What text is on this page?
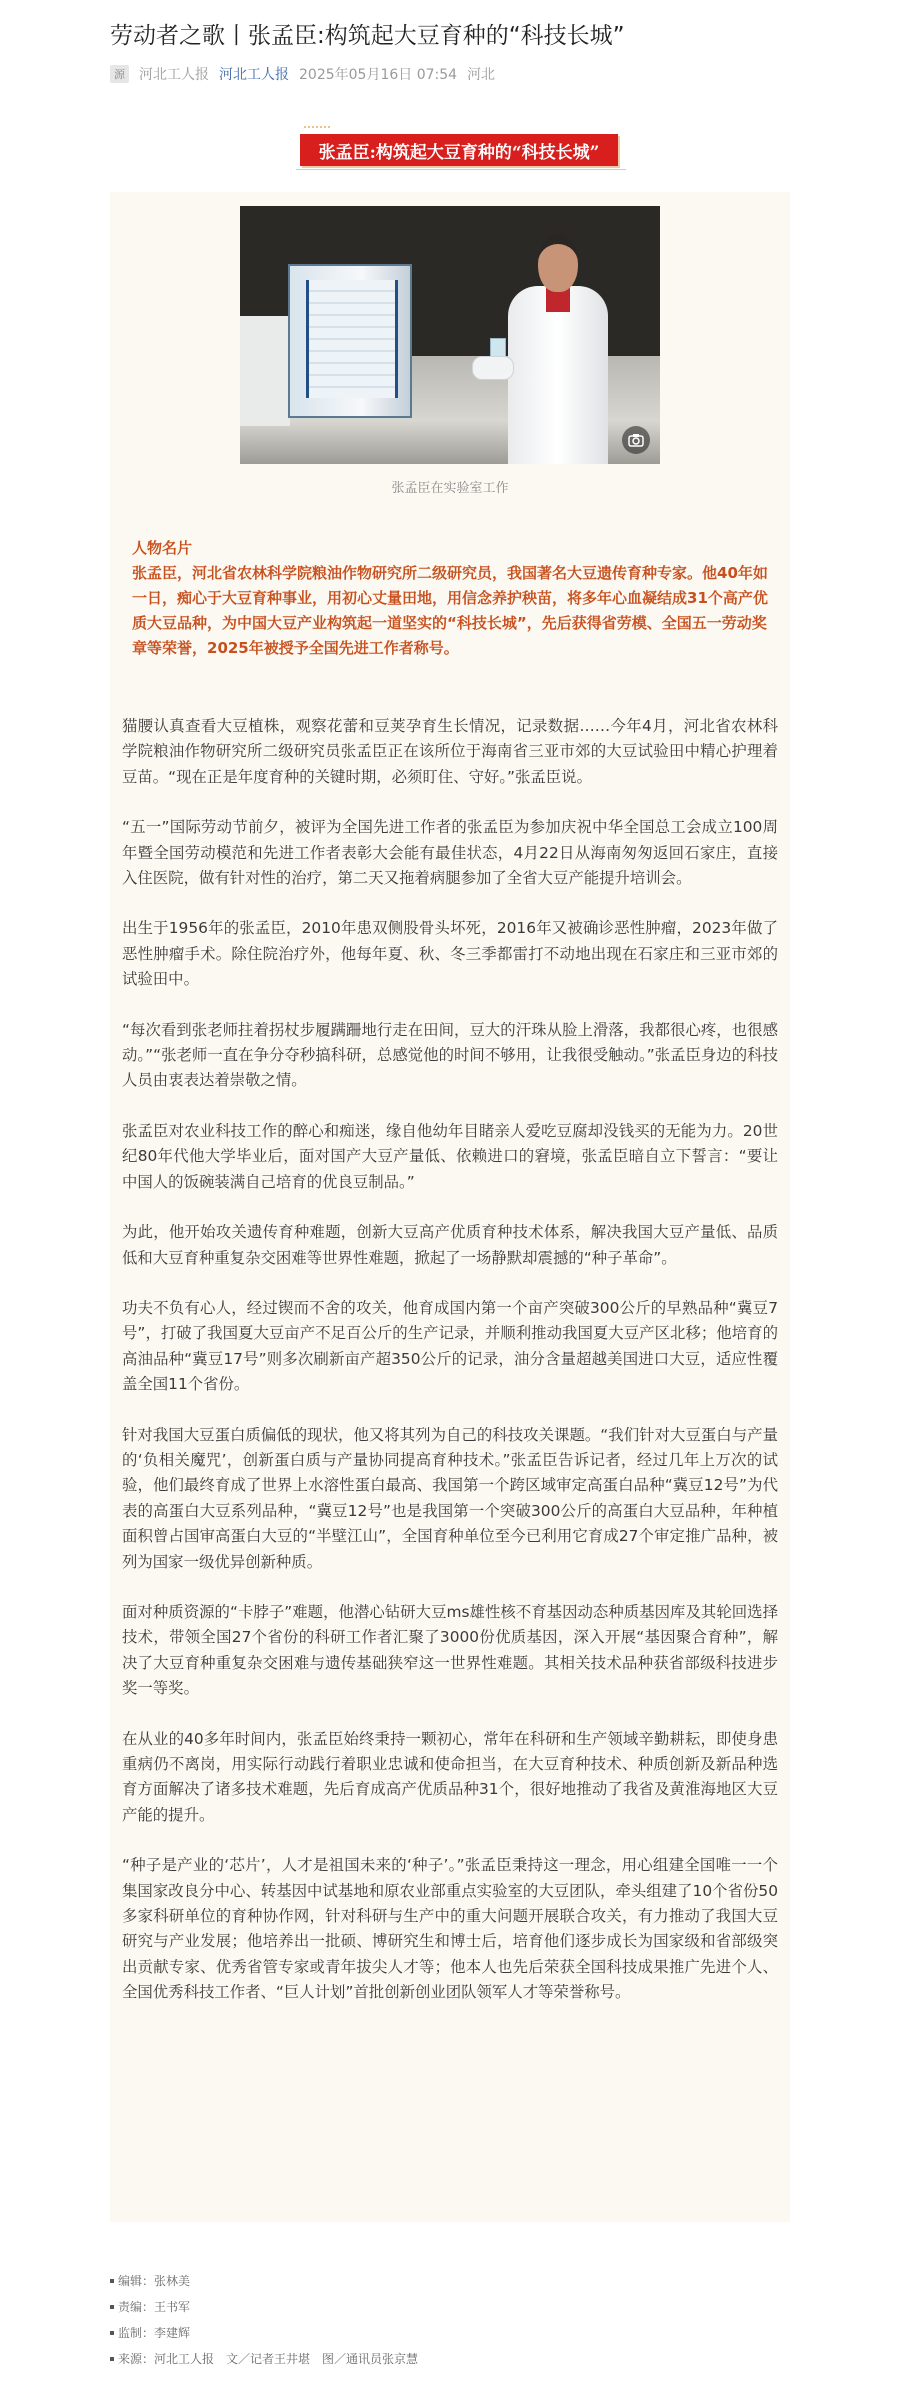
劳动者之歌丨张孟臣:构筑起大豆育种的“科技长城”
源 河北工人报 河北工人报 2025年05月16日 07:54 河北
张孟臣:构筑起大豆育种的“科技长城”
张孟臣在实验室工作
人物名片
张孟臣，河北省农林科学院粮油作物研究所二级研究员，我国著名大豆遗传育种专家。他40年如一日，痴心于大豆育种事业，用初心丈量田地，用信念养护秧苗，将多年心血凝结成31个高产优质大豆品种，为中国大豆产业构筑起一道坚实的“科技长城”，先后获得省劳模、全国五一劳动奖章等荣誉，2025年被授予全国先进工作者称号。

猫腰认真查看大豆植株，观察花蕾和豆荚孕育生长情况，记录数据……今年4月，河北省农林科学院粮油作物研究所二级研究员张孟臣正在该所位于海南省三亚市郊的大豆试验田中精心护理着豆苗。“现在正是年度育种的关键时期，必须盯住、守好。”张孟臣说。

“五一”国际劳动节前夕，被评为全国先进工作者的张孟臣为参加庆祝中华全国总工会成立100周年暨全国劳动模范和先进工作者表彰大会能有最佳状态，4月22日从海南匆匆返回石家庄，直接入住医院，做有针对性的治疗，第二天又拖着病腿参加了全省大豆产能提升培训会。

出生于1956年的张孟臣，2010年患双侧股骨头坏死，2016年又被确诊恶性肿瘤，2023年做了恶性肿瘤手术。除住院治疗外，他每年夏、秋、冬三季都雷打不动地出现在石家庄和三亚市郊的试验田中。

“每次看到张老师拄着拐杖步履蹒跚地行走在田间，豆大的汗珠从脸上滑落，我都很心疼，也很感动。”“张老师一直在争分夺秒搞科研，总感觉他的时间不够用，让我很受触动。”张孟臣身边的科技人员由衷表达着崇敬之情。

张孟臣对农业科技工作的醉心和痴迷，缘自他幼年目睹亲人爱吃豆腐却没钱买的无能为力。20世纪80年代他大学毕业后，面对国产大豆产量低、依赖进口的窘境，张孟臣暗自立下誓言：“要让中国人的饭碗装满自己培育的优良豆制品。”

为此，他开始攻关遗传育种难题，创新大豆高产优质育种技术体系，解决我国大豆产量低、品质低和大豆育种重复杂交困难等世界性难题，掀起了一场静默却震撼的“种子革命”。

功夫不负有心人，经过锲而不舍的攻关，他育成国内第一个亩产突破300公斤的早熟品种“冀豆7号”，打破了我国夏大豆亩产不足百公斤的生产记录，并顺利推动我国夏大豆产区北移；他培育的高油品种“冀豆17号”则多次刷新亩产超350公斤的记录，油分含量超越美国进口大豆，适应性覆盖全国11个省份。

针对我国大豆蛋白质偏低的现状，他又将其列为自己的科技攻关课题。“我们针对大豆蛋白与产量的‘负相关魔咒’，创新蛋白质与产量协同提高育种技术。”张孟臣告诉记者，经过几年上万次的试验，他们最终育成了世界上水溶性蛋白最高、我国第一个跨区域审定高蛋白品种“冀豆12号”为代表的高蛋白大豆系列品种，“冀豆12号”也是我国第一个突破300公斤的高蛋白大豆品种，年种植面积曾占国审高蛋白大豆的“半壁江山”，全国育种单位至今已利用它育成27个审定推广品种，被列为国家一级优异创新种质。

面对种质资源的“卡脖子”难题，他潜心钻研大豆ms雄性核不育基因动态种质基因库及其轮回选择技术，带领全国27个省份的科研工作者汇聚了3000份优质基因，深入开展“基因聚合育种”，解决了大豆育种重复杂交困难与遗传基础狭窄这一世界性难题。其相关技术品种获省部级科技进步奖一等奖。

在从业的40多年时间内，张孟臣始终秉持一颗初心，常年在科研和生产领域辛勤耕耘，即使身患重病仍不离岗，用实际行动践行着职业忠诚和使命担当，在大豆育种技术、种质创新及新品种选育方面解决了诸多技术难题，先后育成高产优质品种31个，很好地推动了我省及黄淮海地区大豆产能的提升。

“种子是产业的‘芯片’，人才是祖国未来的‘种子’。”张孟臣秉持这一理念，用心组建全国唯一一个集国家改良分中心、转基因中试基地和原农业部重点实验室的大豆团队，牵头组建了10个省份50多家科研单位的育种协作网，针对科研与生产中的重大问题开展联合攻关，有力推动了我国大豆研究与产业发展；他培养出一批硕、博研究生和博士后，培育他们逐步成长为国家级和省部级突出贡献专家、优秀省管专家或青年拔尖人才等；他本人也先后荣获全国科技成果推广先进个人、全国优秀科技工作者、“巨人计划”首批创新创业团队领军人才等荣誉称号。

编辑： 张林美
责编： 王书军
监制： 李建辉
来源： 河北工人报　文／记者王井堪　图／通讯员张京慧
